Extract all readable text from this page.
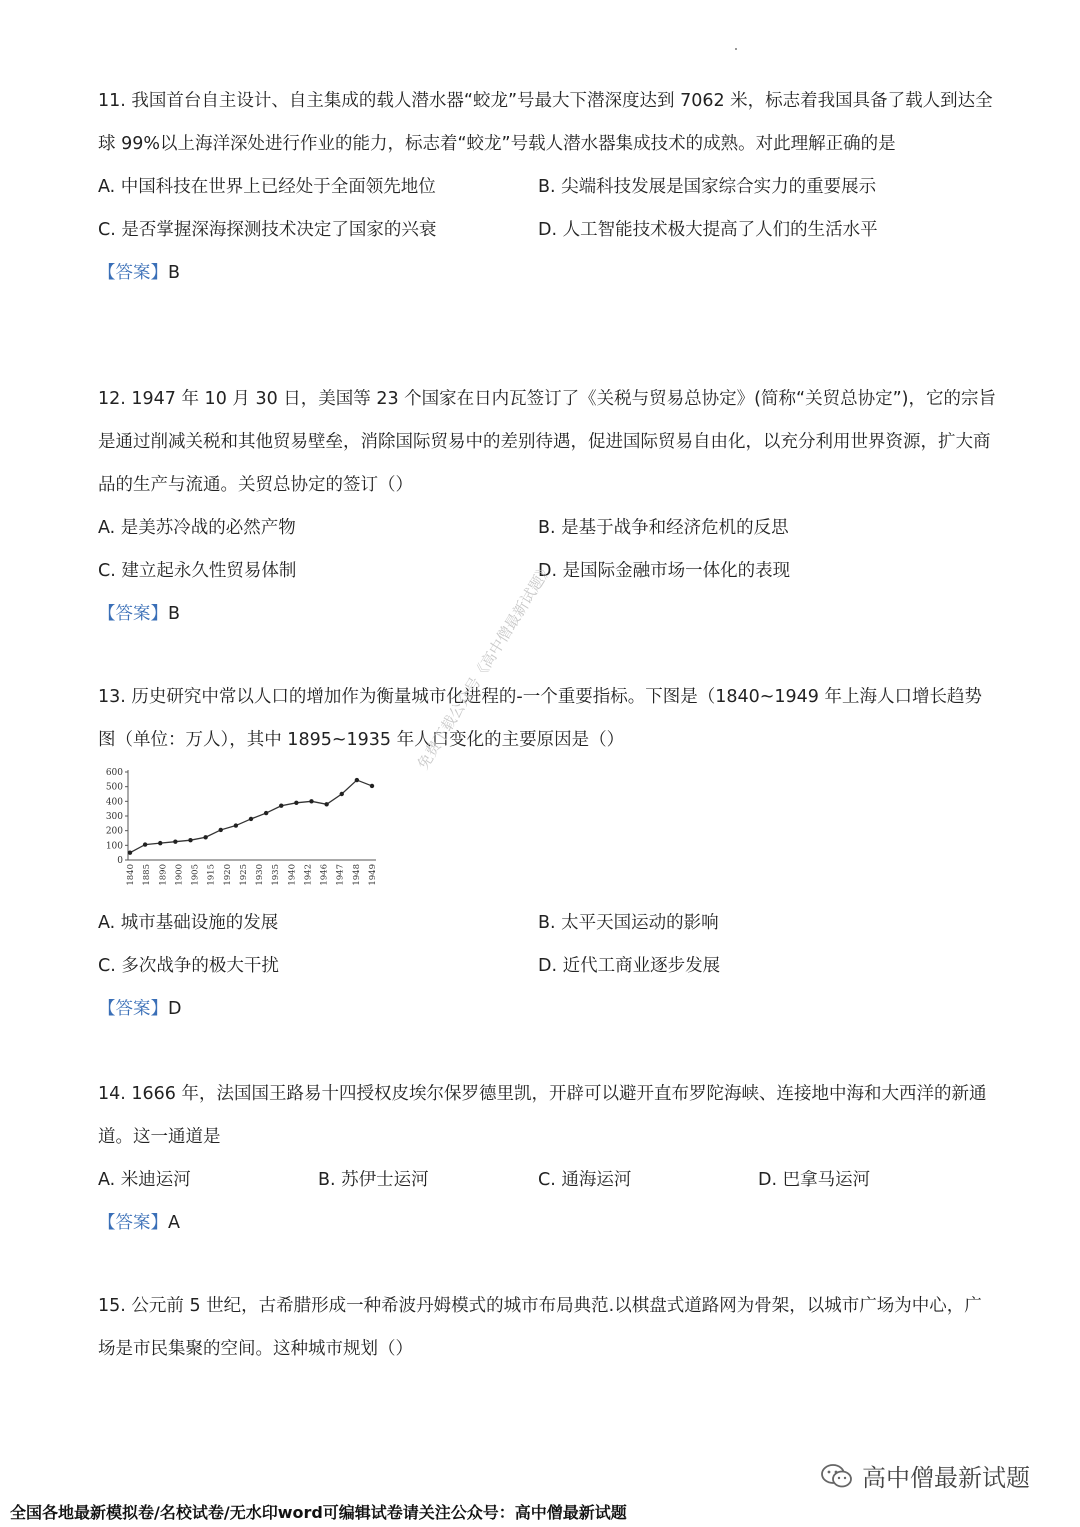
11. 我国首台自主设计、自主集成的载人潜水器“蛟龙”号最大下潜深度达到 7062 米，标志着我国具备了载人到达全球 99%以上海洋深处进行作业的能力，标志着“蛟龙”号载人潜水器集成技术的成熟。对此理解正确的是

A. 中国科技在世界上已经处于全面领先地位	B. 尖端科技发展是国家综合实力的重要展示
C. 是否掌握深海探测技术决定了国家的兴衰	D. 人工智能技术极大提高了人们的生活水平
【答案】B

12. 1947 年 10 月 30 日，美国等 23 个国家在日内瓦签订了《关税与贸易总协定》(简称“关贸总协定”)，它的宗旨是通过削减关税和其他贸易壁垒，消除国际贸易中的差别待遇，促进国际贸易自由化，以充分利用世界资源，扩大商品的生产与流通。关贸总协定的签订（）

A. 是美苏冷战的必然产物	B. 是基于战争和经济危机的反思
C. 建立起永久性贸易体制	D. 是国际金融市场一体化的表现
【答案】B

13. 历史研究中常以人口的增加作为衡量城市化进程的-一个重要指标。下图是（1840~1949 年上海人口增长趋势图（单位：万人），其中 1895~1935 年人口变化的主要原因是（）

A. 城市基础设施的发展	B. 太平天国运动的影响
C. 多次战争的极大干扰	D. 近代工商业逐步发展
【答案】D
0
100
200
300
400
500
600
1840 1885 1890 1900 1905 1915 1920 1925 1930 1935 1940 1942 1946 1947 1948 1949
免费下载公众号《高中僧最新试题》

14. 1666 年，法国国王路易十四授权皮埃尔保罗德里凯，开辟可以避开直布罗陀海峡、连接地中海和大西洋的新通道。这一通道是

A. 米迪运河	B. 苏伊士运河	C. 通海运河	D. 巴拿马运河
【答案】A

15. 公元前 5 世纪，古希腊形成一种希波丹姆模式的城市布局典范.以棋盘式道路网为骨架，以城市广场为中心，广场是市民集聚的空间。这种城市规划（）

高中僧最新试题
全国各地最新模拟卷/名校试卷/无水印word可编辑试卷请关注公众号：高中僧最新试题
